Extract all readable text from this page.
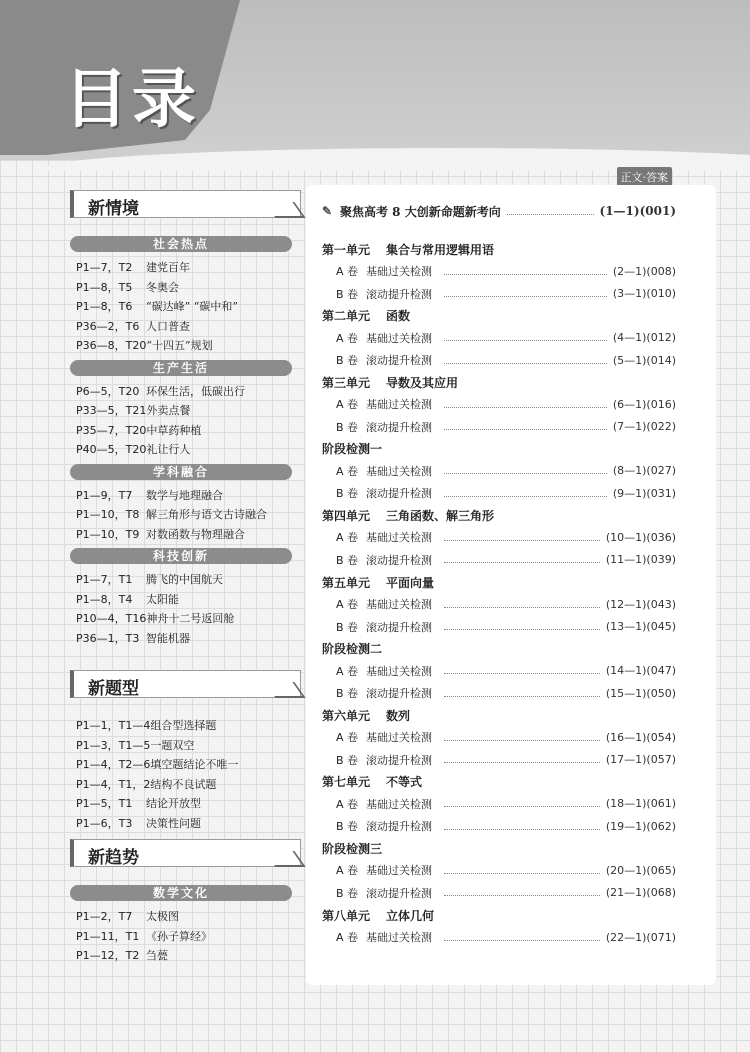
目录
正文·答案
新情境
社会热点
P1—7，T2 建党百年
P1—8，T5 冬奥会
P1—8，T6 “碳达峰” “碳中和”
P36—2，T6 人口普查
P36—8，T20“十四五”规划
生产生活
P6—5，T20 环保生活，低碳出行
P33—5，T21外卖点餐
P35—7，T20中草药种植
P40—5，T20礼让行人
学科融合
P1—9，T7 数学与地理融合
P1—10，T8 解三角形与语文古诗融合
P1—10，T9 对数函数与物理融合
科技创新
P1—7，T1 腾飞的中国航天
P1—8，T4 太阳能
P10—4，T16神舟十二号返回舱
P36—1，T3 智能机器
新题型
P1—1，T1—4组合型选择题
P1—3，T1—5一题双空
P1—4，T2—6填空题结论不唯一
P1—4，T1，2结构不良试题
P1—5，T1 结论开放型
P1—6，T3 决策性问题
新趋势
数学文化
P1—2，T7 太极图
P1—11，T1 《孙子算经》
P1—12，T2 刍甍
✎ 聚焦高考 8 大创新命题新考向	(1—1)(001)
第一单元 集合与常用逻辑用语
A 卷 基础过关检测	(2—1)(008)
B 卷 滚动提升检测	(3—1)(010)
第二单元 函数
A 卷 基础过关检测	(4—1)(012)
B 卷 滚动提升检测	(5—1)(014)
第三单元 导数及其应用
A 卷 基础过关检测	(6—1)(016)
B 卷 滚动提升检测	(7—1)(022)
阶段检测一
A 卷 基础过关检测	(8—1)(027)
B 卷 滚动提升检测	(9—1)(031)
第四单元 三角函数、解三角形
A 卷 基础过关检测	(10—1)(036)
B 卷 滚动提升检测	(11—1)(039)
第五单元 平面向量
A 卷 基础过关检测	(12—1)(043)
B 卷 滚动提升检测	(13—1)(045)
阶段检测二
A 卷 基础过关检测	(14—1)(047)
B 卷 滚动提升检测	(15—1)(050)
第六单元 数列
A 卷 基础过关检测	(16—1)(054)
B 卷 滚动提升检测	(17—1)(057)
第七单元 不等式
A 卷 基础过关检测	(18—1)(061)
B 卷 滚动提升检测	(19—1)(062)
阶段检测三
A 卷 基础过关检测	(20—1)(065)
B 卷 滚动提升检测	(21—1)(068)
第八单元 立体几何
A 卷 基础过关检测	(22—1)(071)
